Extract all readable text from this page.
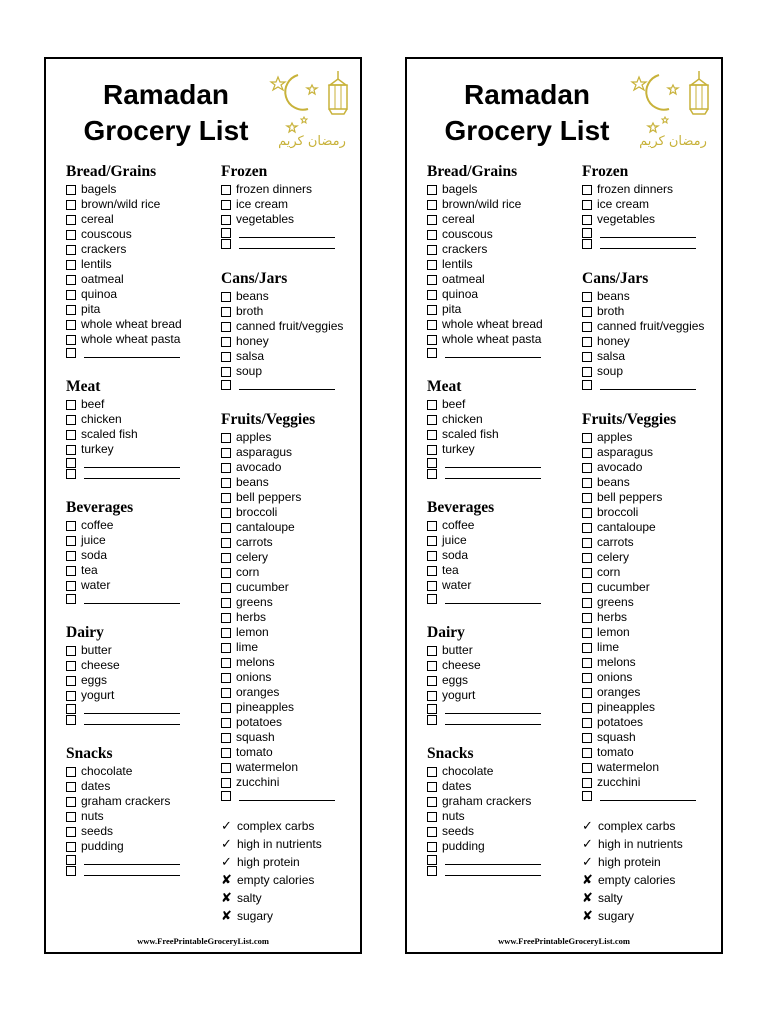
Ramadan
Grocery List	رمضان كريم
Bread/Grains
bagels
brown/wild rice
cereal
couscous
crackers
lentils
oatmeal
quinoa
pita
whole wheat bread
whole wheat pasta
Meat
beef
chicken
scaled fish
turkey
Beverages
coffee
juice
soda
tea
water
Dairy
butter
cheese
eggs
yogurt
Snacks
chocolate
dates
graham crackers
nuts
seeds
pudding
Frozen
frozen dinners
ice cream
vegetables
Cans/Jars
beans
broth
canned fruit/veggies
honey
salsa
soup
Fruits/Veggies
apples
asparagus
avocado
beans
bell peppers
broccoli
cantaloupe
carrots
celery
corn
cucumber
greens
herbs
lemon
lime
melons
onions
oranges
pineapples
potatoes
squash
tomato
watermelon
zucchini
✓ complex carbs
✓ high in nutrients
✓ high protein
✘ empty calories
✘ salty
✘ sugary
www.FreePrintableGroceryList.com
Ramadan
Grocery List	رمضان كريم
Bread/Grains
bagels
brown/wild rice
cereal
couscous
crackers
lentils
oatmeal
quinoa
pita
whole wheat bread
whole wheat pasta
Meat
beef
chicken
scaled fish
turkey
Beverages
coffee
juice
soda
tea
water
Dairy
butter
cheese
eggs
yogurt
Snacks
chocolate
dates
graham crackers
nuts
seeds
pudding
Frozen
frozen dinners
ice cream
vegetables
Cans/Jars
beans
broth
canned fruit/veggies
honey
salsa
soup
Fruits/Veggies
apples
asparagus
avocado
beans
bell peppers
broccoli
cantaloupe
carrots
celery
corn
cucumber
greens
herbs
lemon
lime
melons
onions
oranges
pineapples
potatoes
squash
tomato
watermelon
zucchini
✓ complex carbs
✓ high in nutrients
✓ high protein
✘ empty calories
✘ salty
✘ sugary
www.FreePrintableGroceryList.com
